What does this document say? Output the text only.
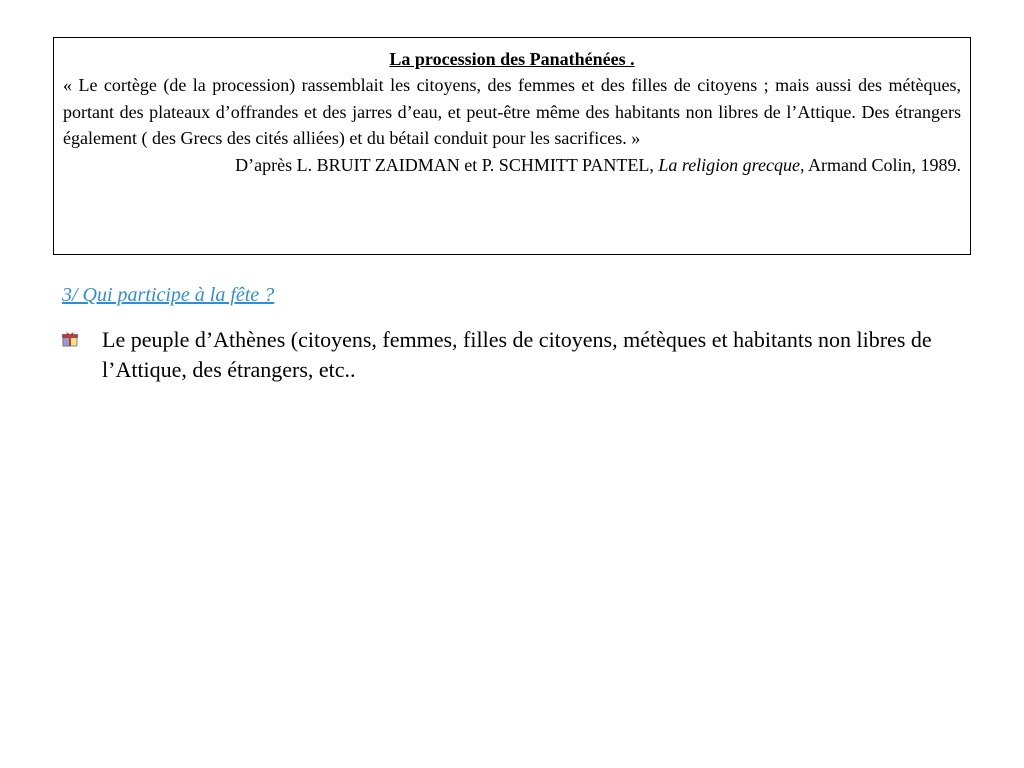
La procession des Panathénées .

« Le cortège (de la procession) rassemblait les citoyens, des femmes et des filles de citoyens ; mais aussi des métèques, portant des plateaux d’offrandes et des jarres d’eau, et peut-être même des habitants non libres de l’Attique. Des étrangers également ( des Grecs des cités alliées) et du bétail conduit pour les sacrifices. »

D’après L. BRUIT ZAIDMAN et P. SCHMITT PANTEL, La religion grecque, Armand Colin, 1989.

3/ Qui participe à la fête ?

Le peuple d’Athènes (citoyens, femmes, filles de citoyens, métèques et habitants non libres de l’Attique, des étrangers, etc..
